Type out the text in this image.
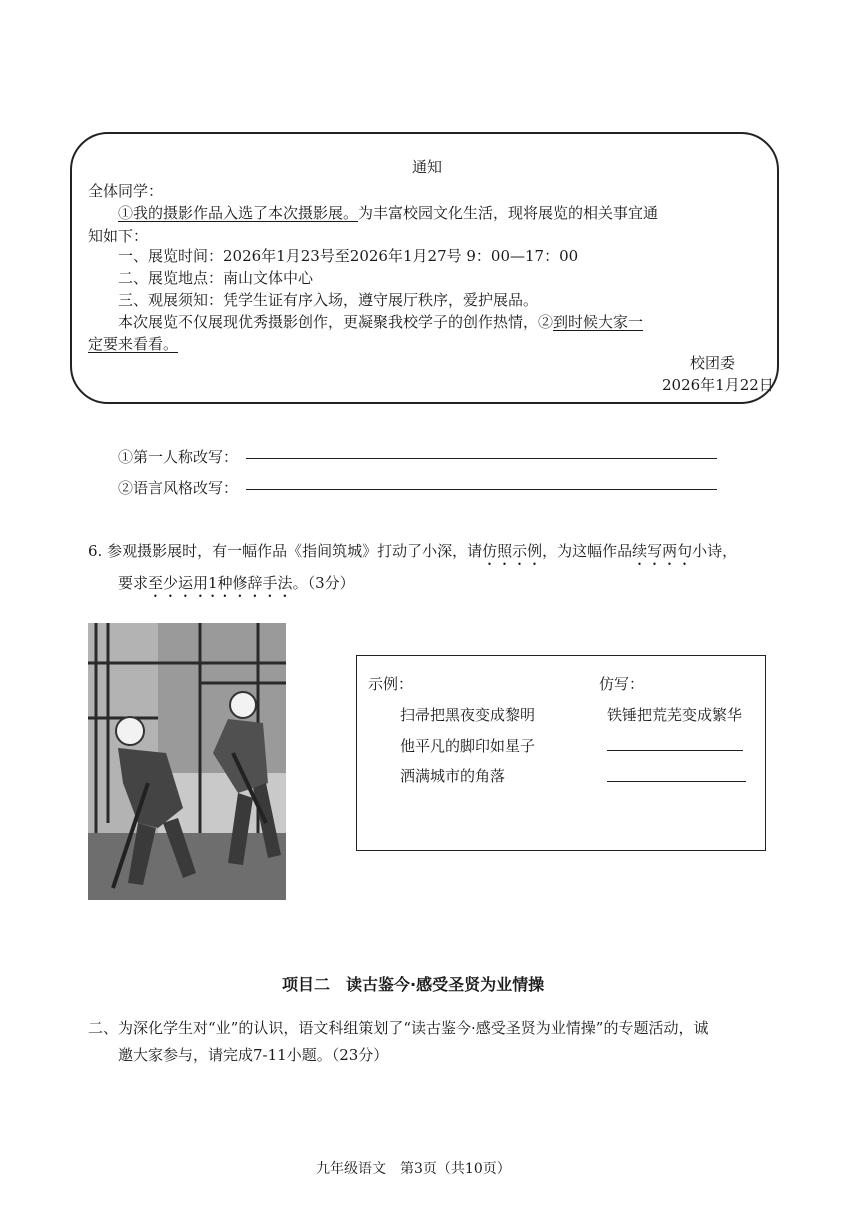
通知
全体同学：
①我的摄影作品入选了本次摄影展。为丰富校园文化生活，现将展览的相关事宜通
知如下：
一、展览时间：2026年1月23号至2026年1月27号 9：00—17：00
二、展览地点：南山文体中心
三、观展须知：凭学生证有序入场，遵守展厅秩序，爱护展品。
本次展览不仅展现优秀摄影创作，更凝聚我校学子的创作热情，②到时候大家一
定要来看看。
校团委
2026年1月22日
①第一人称改写：
②语言风格改写：
6. 参观摄影展时，有一幅作品《指间筑城》打动了小深，请仿照示例，为这幅作品续写两句小诗，
要求至少运用1种修辞手法。（3分）
示例：
扫帚把黑夜变成黎明
他平凡的脚印如星子
洒满城市的角落
仿写：
铁锤把荒芜变成繁华
项目二　读古鉴今·感受圣贤为业情操
二、为深化学生对“业”的认识，语文科组策划了“读古鉴今·感受圣贤为业情操”的专题活动，诚
邀大家参与，请完成7-11小题。（23分）
九年级语文　第3页（共10页）
